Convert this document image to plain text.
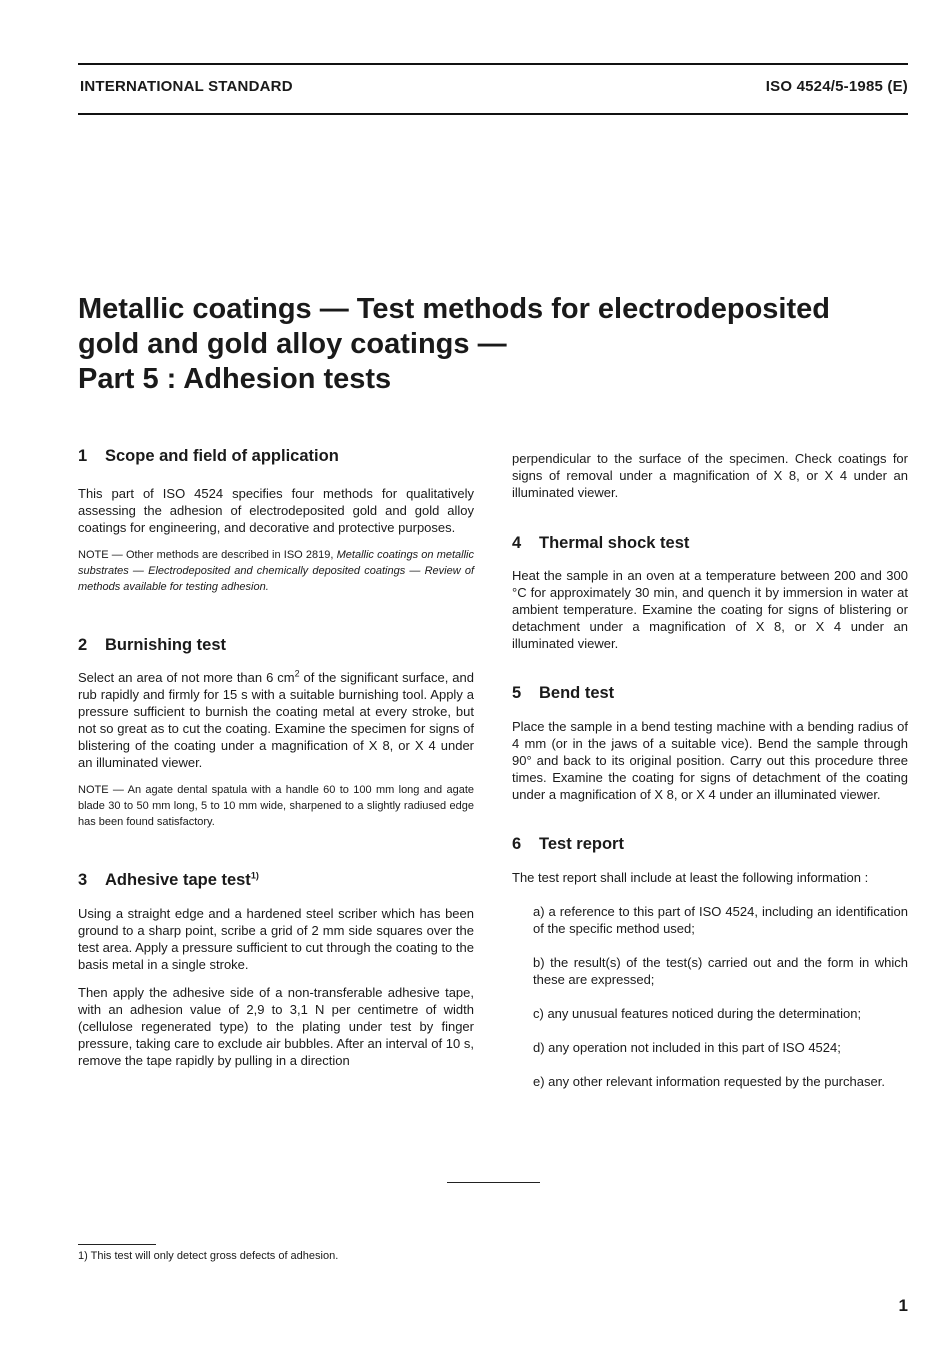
INTERNATIONAL STANDARD	ISO 4524/5-1985 (E)
Metallic coatings — Test methods for electrodeposited
gold and gold alloy coatings —
Part 5 : Adhesion tests
1 Scope and field of application

This part of ISO 4524 specifies four methods for qualitatively assessing the adhesion of electrodeposited gold and gold alloy coatings for engineering, and decorative and protective purposes.

NOTE — Other methods are described in ISO 2819, Metallic coatings on metallic substrates — Electrodeposited and chemically deposited coatings — Review of methods available for testing adhesion.

2 Burnishing test

Select an area of not more than 6 $cm^2$ of the significant surface, and rub rapidly and firmly for 15 s with a suitable burnishing tool. Apply a pressure sufficient to burnish the coating metal at every stroke, but not so great as to cut the coating. Examine the specimen for signs of blistering of the coating under a magnification of X 8, or X 4 under an illuminated viewer.

NOTE — An agate dental spatula with a handle 60 to 100 mm long and agate blade 30 to 50 mm long, 5 to 10 mm wide, sharpened to a slightly radiused edge has been found satisfactory.

3 Adhesive tape test$^{1)}$

Using a straight edge and a hardened steel scriber which has been ground to a sharp point, scribe a grid of 2 mm side squares over the test area. Apply a pressure sufficient to cut through the coating to the basis metal in a single stroke.

Then apply the adhesive side of a non-transferable adhesive tape, with an adhesion value of 2,9 to 3,1 N per centimetre of width (cellulose regenerated type) to the plating under test by finger pressure, taking care to exclude air bubbles. After an interval of 10 s, remove the tape rapidly by pulling in a direction

perpendicular to the surface of the specimen. Check coatings for signs of removal under a magnification of X 8, or X 4 under an illuminated viewer.

4 Thermal shock test

Heat the sample in an oven at a temperature between 200 and 300 °C for approximately 30 min, and quench it by immersion in water at ambient temperature. Examine the coating for signs of blistering or detachment under a magnification of X 8, or X 4 under an illuminated viewer.

5 Bend test

Place the sample in a bend testing machine with a bending radius of 4 mm (or in the jaws of a suitable vice). Bend the sample through 90° and back to its original position. Carry out this procedure three times. Examine the coating for signs of detachment of the coating under a magnification of X 8, or X 4 under an illuminated viewer.

6 Test report

The test report shall include at least the following information :

a) a reference to this part of ISO 4524, including an identification of the specific method used;
b) the result(s) of the test(s) carried out and the form in which these are expressed;
c) any unusual features noticed during the determination;
d) any operation not included in this part of ISO 4524;
e) any other relevant information requested by the purchaser.
1) This test will only detect gross defects of adhesion.
1
